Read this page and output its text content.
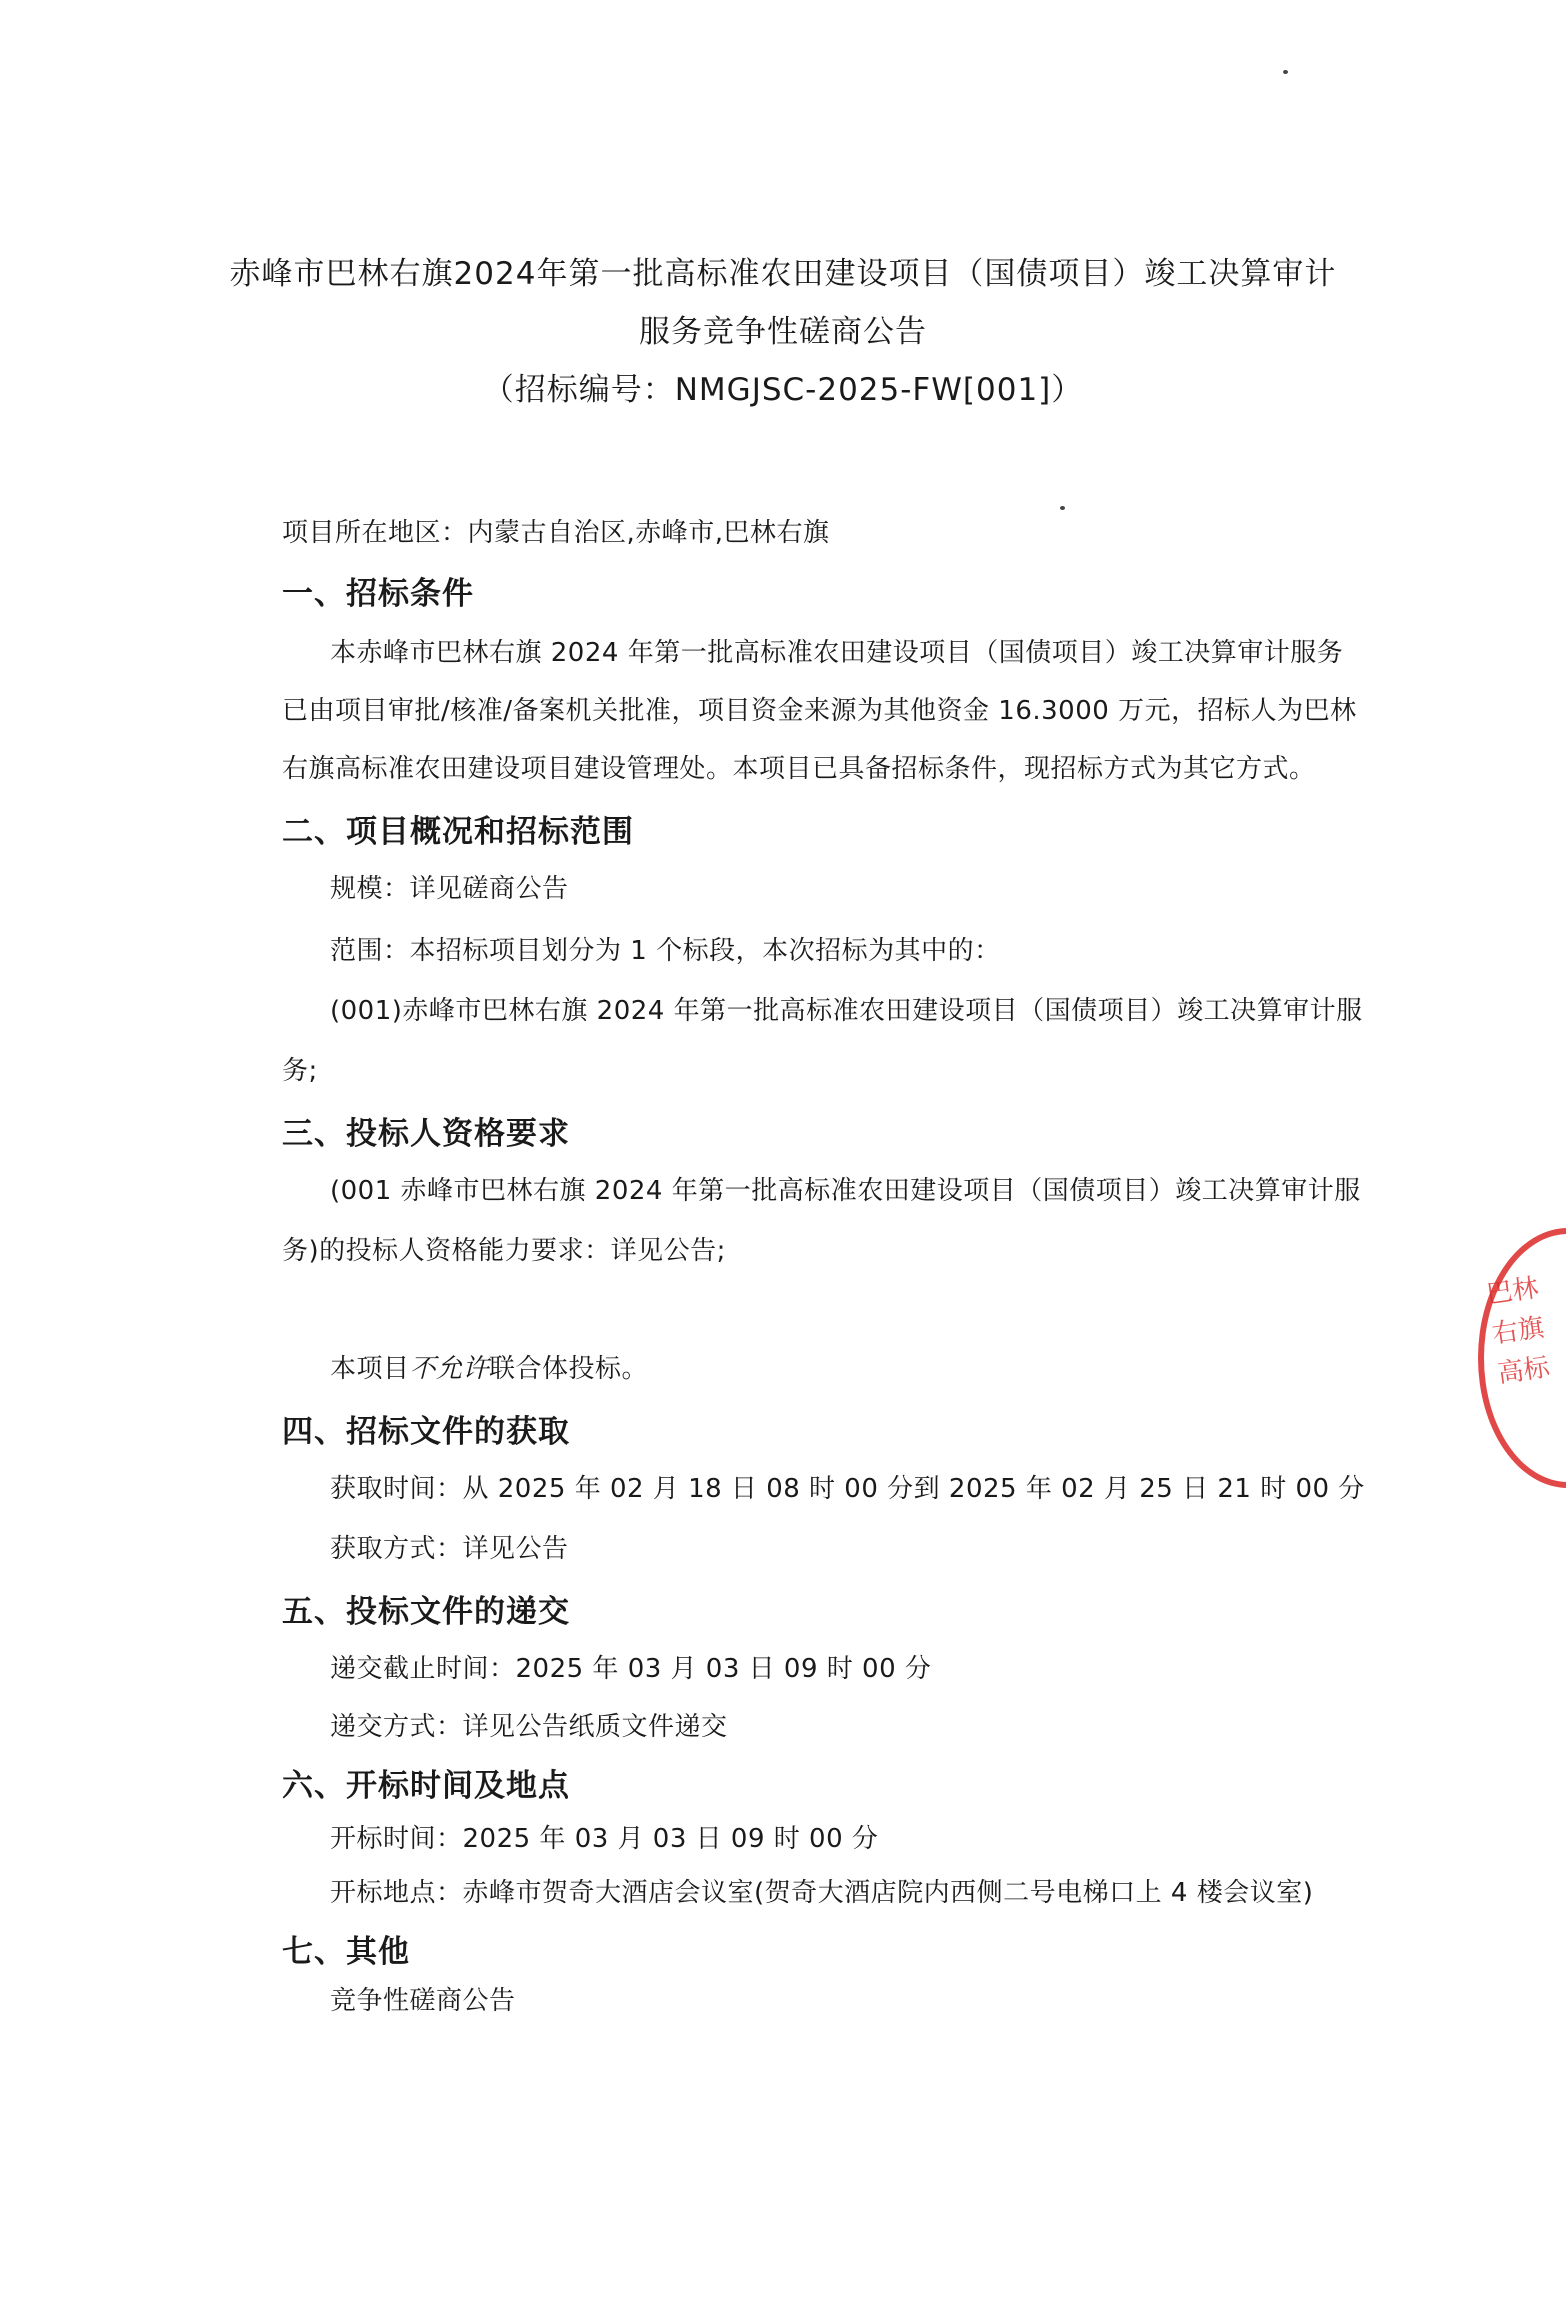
赤峰市巴林右旗2024年第一批高标准农田建设项目（国债项目）竣工决算审计
服务竞争性磋商公告
（招标编号：NMGJSC-2025-FW[001]）
项目所在地区：内蒙古自治区,赤峰市,巴林右旗
一、招标条件
本赤峰市巴林右旗 2024 年第一批高标准农田建设项目（国债项目）竣工决算审计服务
已由项目审批/核准/备案机关批准，项目资金来源为其他资金 16.3000 万元，招标人为巴林
右旗高标准农田建设项目建设管理处。本项目已具备招标条件，现招标方式为其它方式。
二、项目概况和招标范围
规模：详见磋商公告
范围：本招标项目划分为 1 个标段，本次招标为其中的：
(001)赤峰市巴林右旗 2024 年第一批高标准农田建设项目（国债项目）竣工决算审计服
务;
三、投标人资格要求
(001 赤峰市巴林右旗 2024 年第一批高标准农田建设项目（国债项目）竣工决算审计服
务)的投标人资格能力要求：详见公告;
本项目不允许联合体投标。
四、招标文件的获取
获取时间：从 2025 年 02 月 18 日 08 时 00 分到 2025 年 02 月 25 日 21 时 00 分
获取方式：详见公告
五、投标文件的递交
递交截止时间：2025 年 03 月 03 日 09 时 00 分
递交方式：详见公告纸质文件递交
六、开标时间及地点
开标时间：2025 年 03 月 03 日 09 时 00 分
开标地点：赤峰市贺奇大酒店会议室(贺奇大酒店院内西侧二号电梯口上 4 楼会议室)
七、其他
竞争性磋商公告
巴林右旗高标
